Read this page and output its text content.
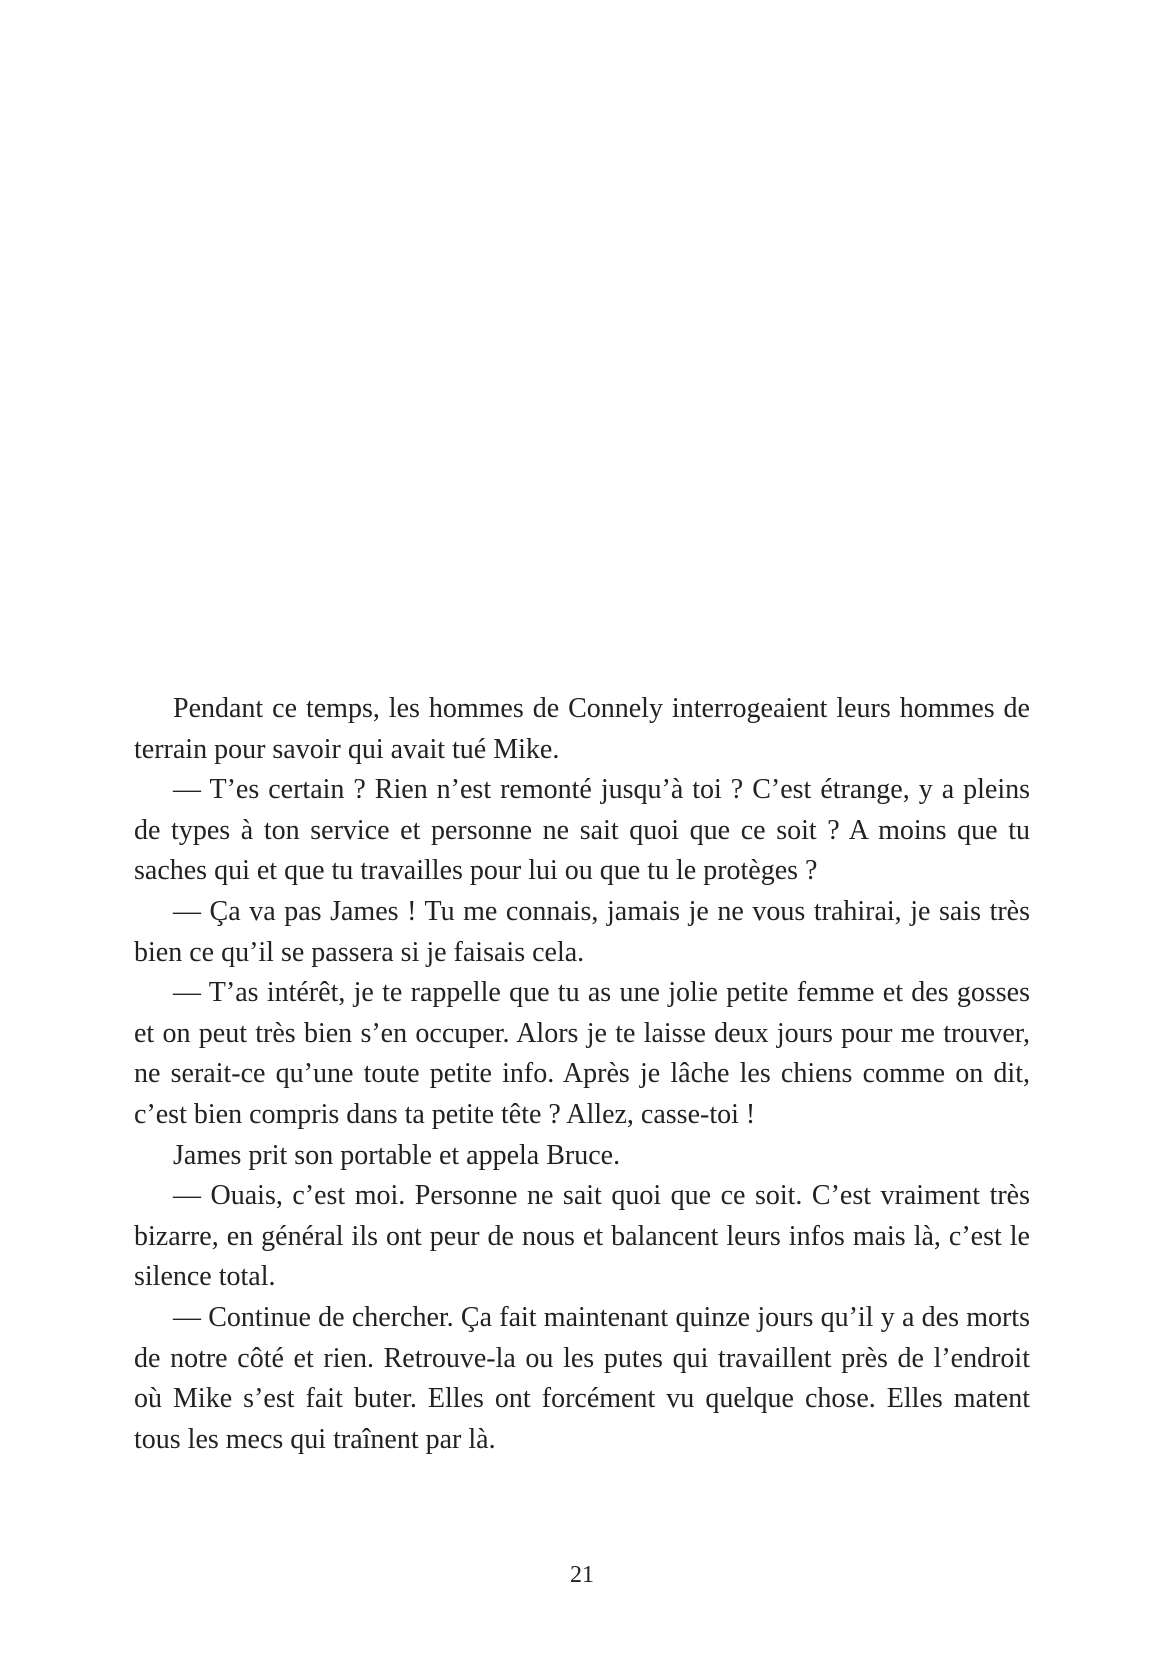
Pendant ce temps, les hommes de Connely interrogeaient leurs hommes de terrain pour savoir qui avait tué Mike.

— T’es certain ? Rien n’est remonté jusqu’à toi ? C’est étrange, y a pleins de types à ton service et personne ne sait quoi que ce soit ? A moins que tu saches qui et que tu travailles pour lui ou que tu le protèges ?

— Ça va pas James ! Tu me connais, jamais je ne vous trahirai, je sais très bien ce qu’il se passera si je faisais cela.

— T’as intérêt, je te rappelle que tu as une jolie petite femme et des gosses et on peut très bien s’en occuper. Alors je te laisse deux jours pour me trouver, ne serait-ce qu’une toute petite info. Après je lâche les chiens comme on dit, c’est bien compris dans ta petite tête ? Allez, casse-toi !

James prit son portable et appela Bruce.

— Ouais, c’est moi. Personne ne sait quoi que ce soit. C’est vraiment très bizarre, en général ils ont peur de nous et balancent leurs infos mais là, c’est le silence total.

— Continue de chercher. Ça fait maintenant quinze jours qu’il y a des morts de notre côté et rien. Retrouve-la ou les putes qui travaillent près de l’endroit où Mike s’est fait buter. Elles ont forcément vu quelque chose. Elles matent tous les mecs qui traînent par là.

21
